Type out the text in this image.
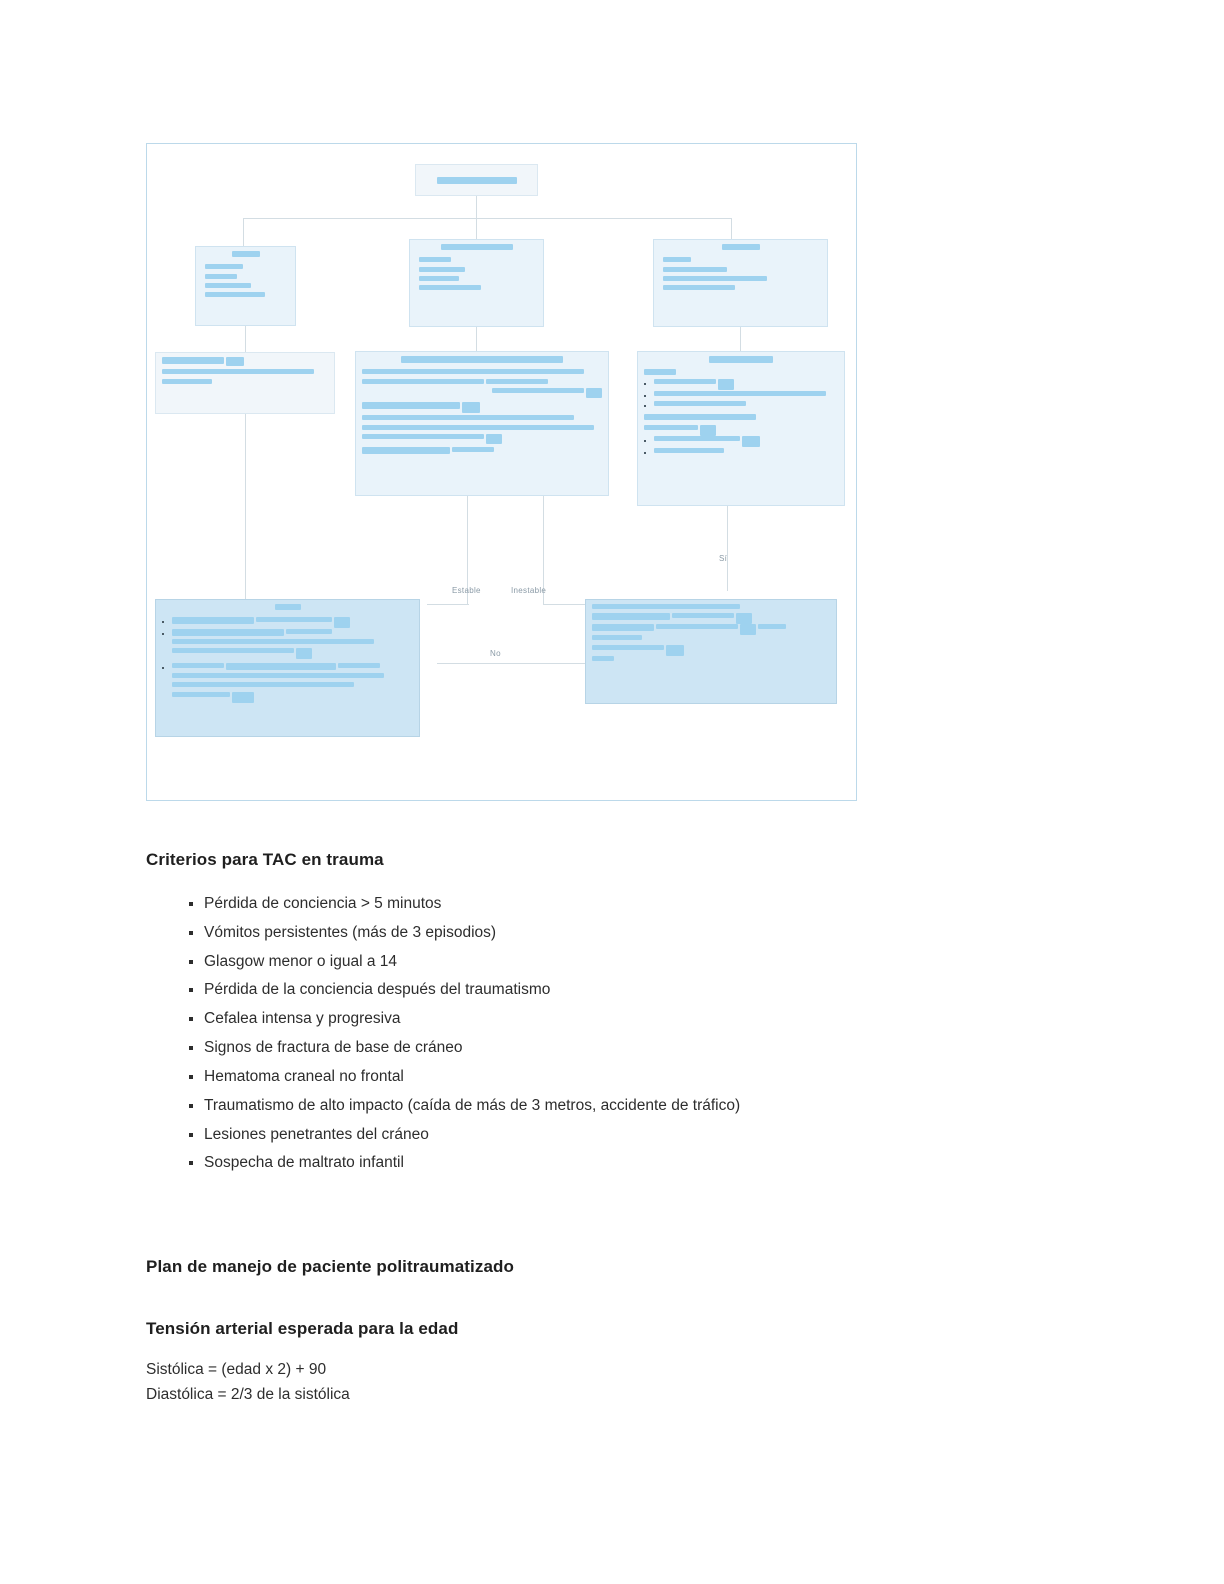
▪
▪
▪

▪
▪
Sí
Estable	Inestable
No

▪
▪

▪

Criterios para TAC en trauma
▪ Pérdida de conciencia > 5 minutos
▪ Vómitos persistentes (más de 3 episodios)
▪ Glasgow menor o igual a 14
▪ Pérdida de la conciencia después del traumatismo
▪ Cefalea intensa y progresiva
▪ Signos de fractura de base de cráneo
▪ Hematoma craneal no frontal
▪ Traumatismo de alto impacto (caída de más de 3 metros, accidente de tráfico)
▪ Lesiones penetrantes del cráneo
▪ Sospecha de maltrato infantil
Plan de manejo de paciente politraumatizado
Tensión arterial esperada para la edad
Sistólica = (edad x 2) + 90
Diastólica = 2/3 de la sistólica
